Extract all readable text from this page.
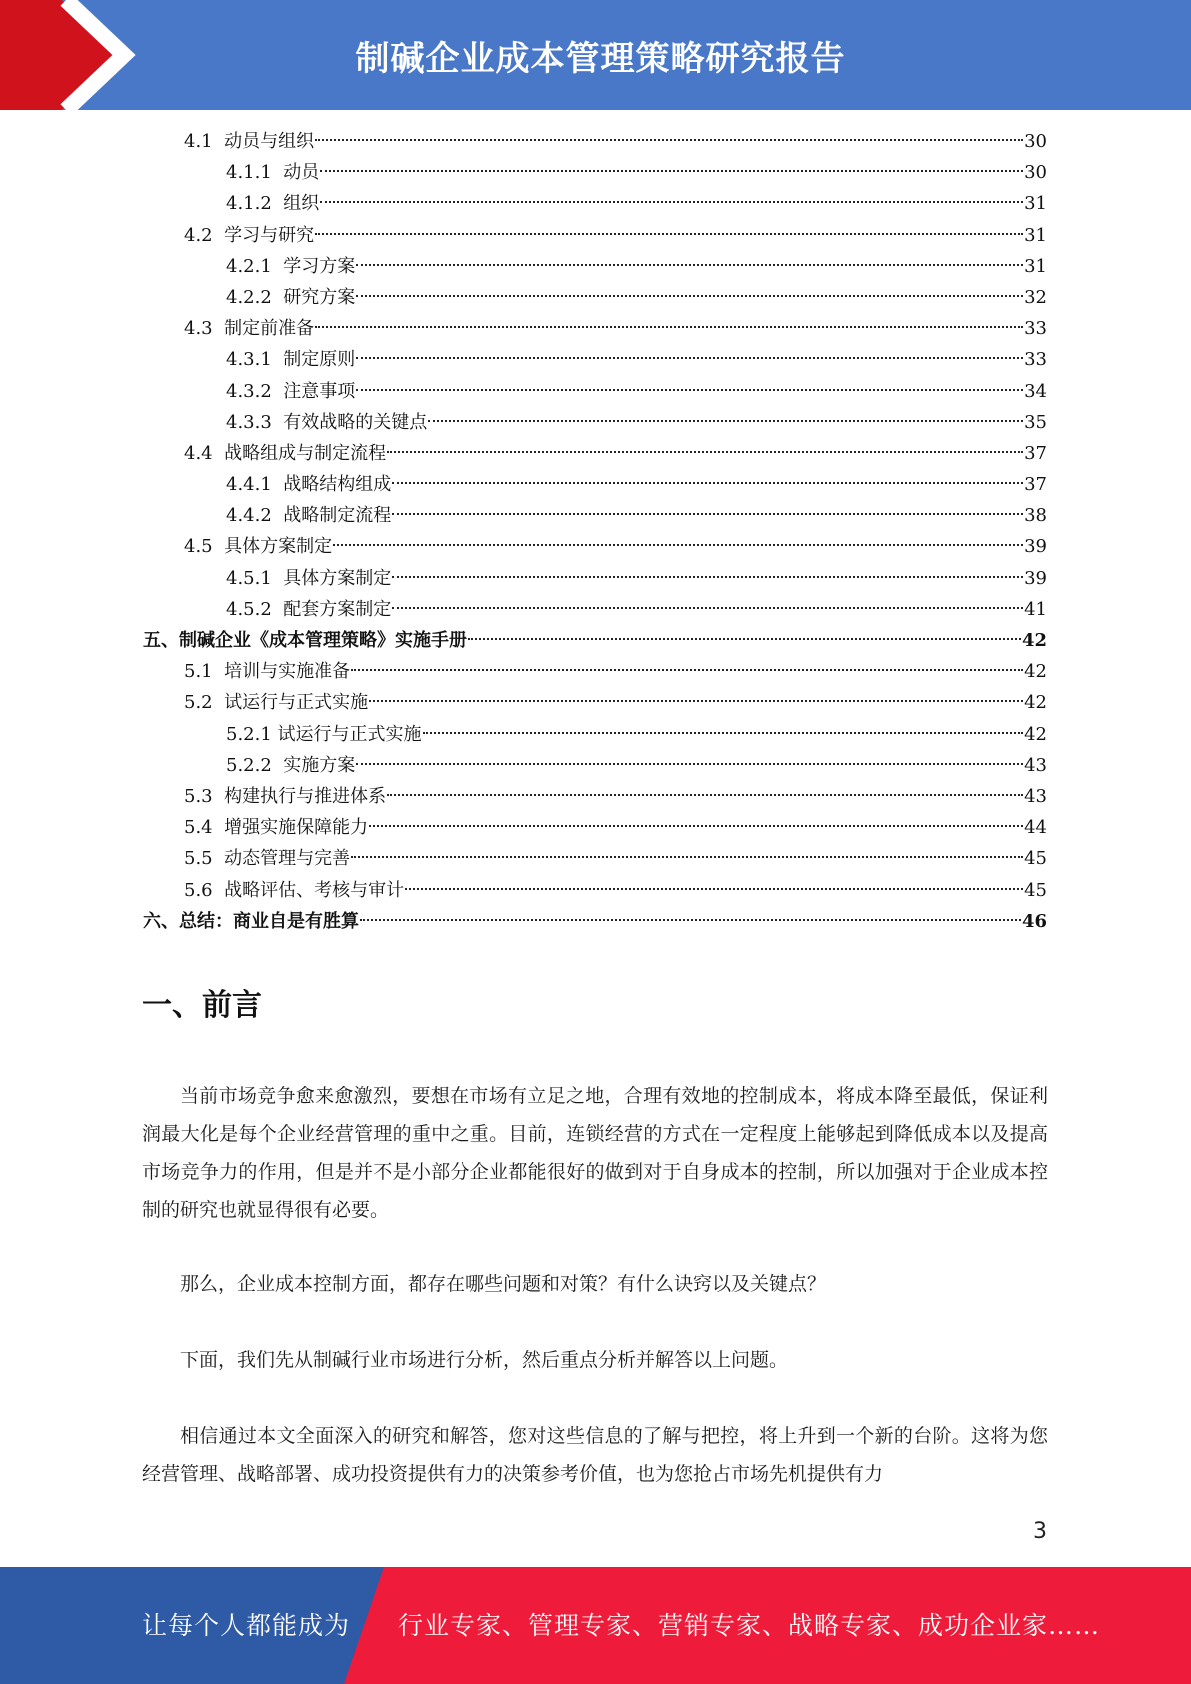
制碱企业成本管理策略研究报告
4.1 动员与组织	30
4.1.1 动员	30
4.1.2 组织	31
4.2 学习与研究	31
4.2.1 学习方案	31
4.2.2 研究方案	32
4.3 制定前准备	33
4.3.1 制定原则	33
4.3.2 注意事项	34
4.3.3 有效战略的关键点	35
4.4 战略组成与制定流程	37
4.4.1 战略结构组成	37
4.4.2 战略制定流程	38
4.5 具体方案制定	39
4.5.1 具体方案制定	39
4.5.2 配套方案制定	41
五、 制碱企业《成本管理策略》实施手册	42
5.1 培训与实施准备	42
5.2 试运行与正式实施	42
5.2.1 试运行与正式实施	42
5.2.2 实施方案	43
5.3 构建执行与推进体系	43
5.4 增强实施保障能力	44
5.5 动态管理与完善	45
5.6 战略评估、考核与审计	45
六、 总结：商业自是有胜算	46
一、前言

当前市场竞争愈来愈激烈，要想在市场有立足之地，合理有效地的控制成本，将成本降至最低，保证利润最大化是每个企业经营管理的重中之重。目前，连锁经营的方式在一定程度上能够起到降低成本以及提高市场竞争力的作用，但是并不是小部分企业都能很好的做到对于自身成本的控制，所以加强对于企业成本控制的研究也就显得很有必要。

那么，企业成本控制方面，都存在哪些问题和对策？有什么诀窍以及关键点？

下面，我们先从制碱行业市场进行分析，然后重点分析并解答以上问题。

相信通过本文全面深入的研究和解答，您对这些信息的了解与把控，将上升到一个新的台阶。这将为您经营管理、战略部署、成功投资提供有力的决策参考价值，也为您抢占市场先机提供有力

3
让每个人都能成为 行业专家、管理专家、营销专家、战略专家、成功企业家……
